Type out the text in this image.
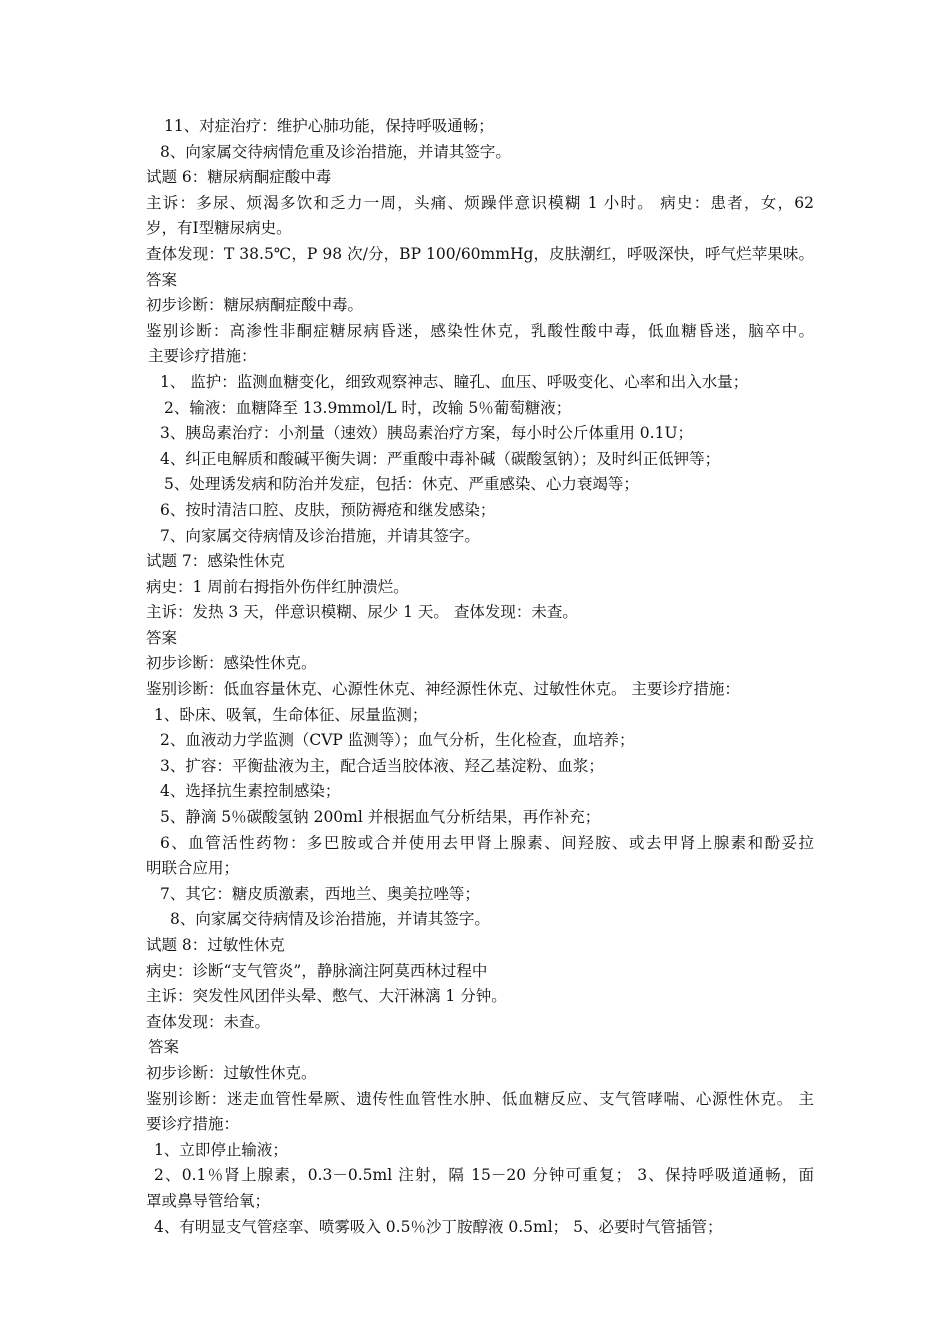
11、对症治疗：维护心肺功能，保持呼吸通畅；
8、向家属交待病情危重及诊治措施，并请其签字。
试题 6：糖尿病酮症酸中毒
主诉：多尿、烦渴多饮和乏力一周，头痛、烦躁伴意识模糊 1 小时。 病史：患者，女，62
岁，有Ⅰ型糖尿病史。
查体发现：T 38.5℃，P 98 次/分，BP 100/60mmHg，皮肤潮红，呼吸深快，呼气烂苹果味。
答案
初步诊断：糖尿病酮症酸中毒。
鉴别诊断：高渗性非酮症糖尿病昏迷，感染性休克，乳酸性酸中毒，低血糖昏迷，脑卒中。
主要诊疗措施：
1、 监护：监测血糖变化，细致观察神志、瞳孔、血压、呼吸变化、心率和出入水量；
2、输液：血糖降至 13.9mmol/L 时，改输 5％葡萄糖液；
3、胰岛素治疗：小剂量（速效）胰岛素治疗方案，每小时公斤体重用 0.1U；
4、纠正电解质和酸碱平衡失调：严重酸中毒补碱（碳酸氢钠）；及时纠正低钾等；
5、处理诱发病和防治并发症，包括：休克、严重感染、心力衰竭等；
6、按时清洁口腔、皮肤，预防褥疮和继发感染；
7、向家属交待病情及诊治措施，并请其签字。
试题 7：感染性休克
病史：1 周前右拇指外伤伴红肿溃烂。
主诉：发热 3 天，伴意识模糊、尿少 1 天。 查体发现：未查。
答案
初步诊断：感染性休克。
鉴别诊断：低血容量休克、心源性休克、神经源性休克、过敏性休克。 主要诊疗措施：
1、卧床、吸氧，生命体征、尿量监测；
2、血液动力学监测（CVP 监测等）；血气分析，生化检查，血培养；
3、扩容：平衡盐液为主，配合适当胶体液、羟乙基淀粉、血浆；
4、选择抗生素控制感染；
5、静滴 5％碳酸氢钠 200ml 并根据血气分析结果，再作补充；
6、血管活性药物：多巴胺或合并使用去甲肾上腺素、间羟胺、或去甲肾上腺素和酚妥拉
明联合应用；
7、其它：糖皮质激素，西地兰、奥美拉唑等；
8、向家属交待病情及诊治措施，并请其签字。
试题 8：过敏性休克
病史：诊断“支气管炎”，静脉滴注阿莫西林过程中
主诉：突发性风团伴头晕、憋气、大汗淋漓 1 分钟。
查体发现：未查。
答案
初步诊断：过敏性休克。
鉴别诊断：迷走血管性晕厥、遗传性血管性水肿、低血糖反应、支气管哮喘、心源性休克。 主
要诊疗措施：
1、立即停止输液；
2、0.1％肾上腺素，0.3－0.5ml 注射，隔 15－20 分钟可重复； 3、保持呼吸道通畅，面
罩或鼻导管给氧；
4、有明显支气管痉挛、喷雾吸入 0.5％沙丁胺醇液 0.5ml； 5、必要时气管插管；
